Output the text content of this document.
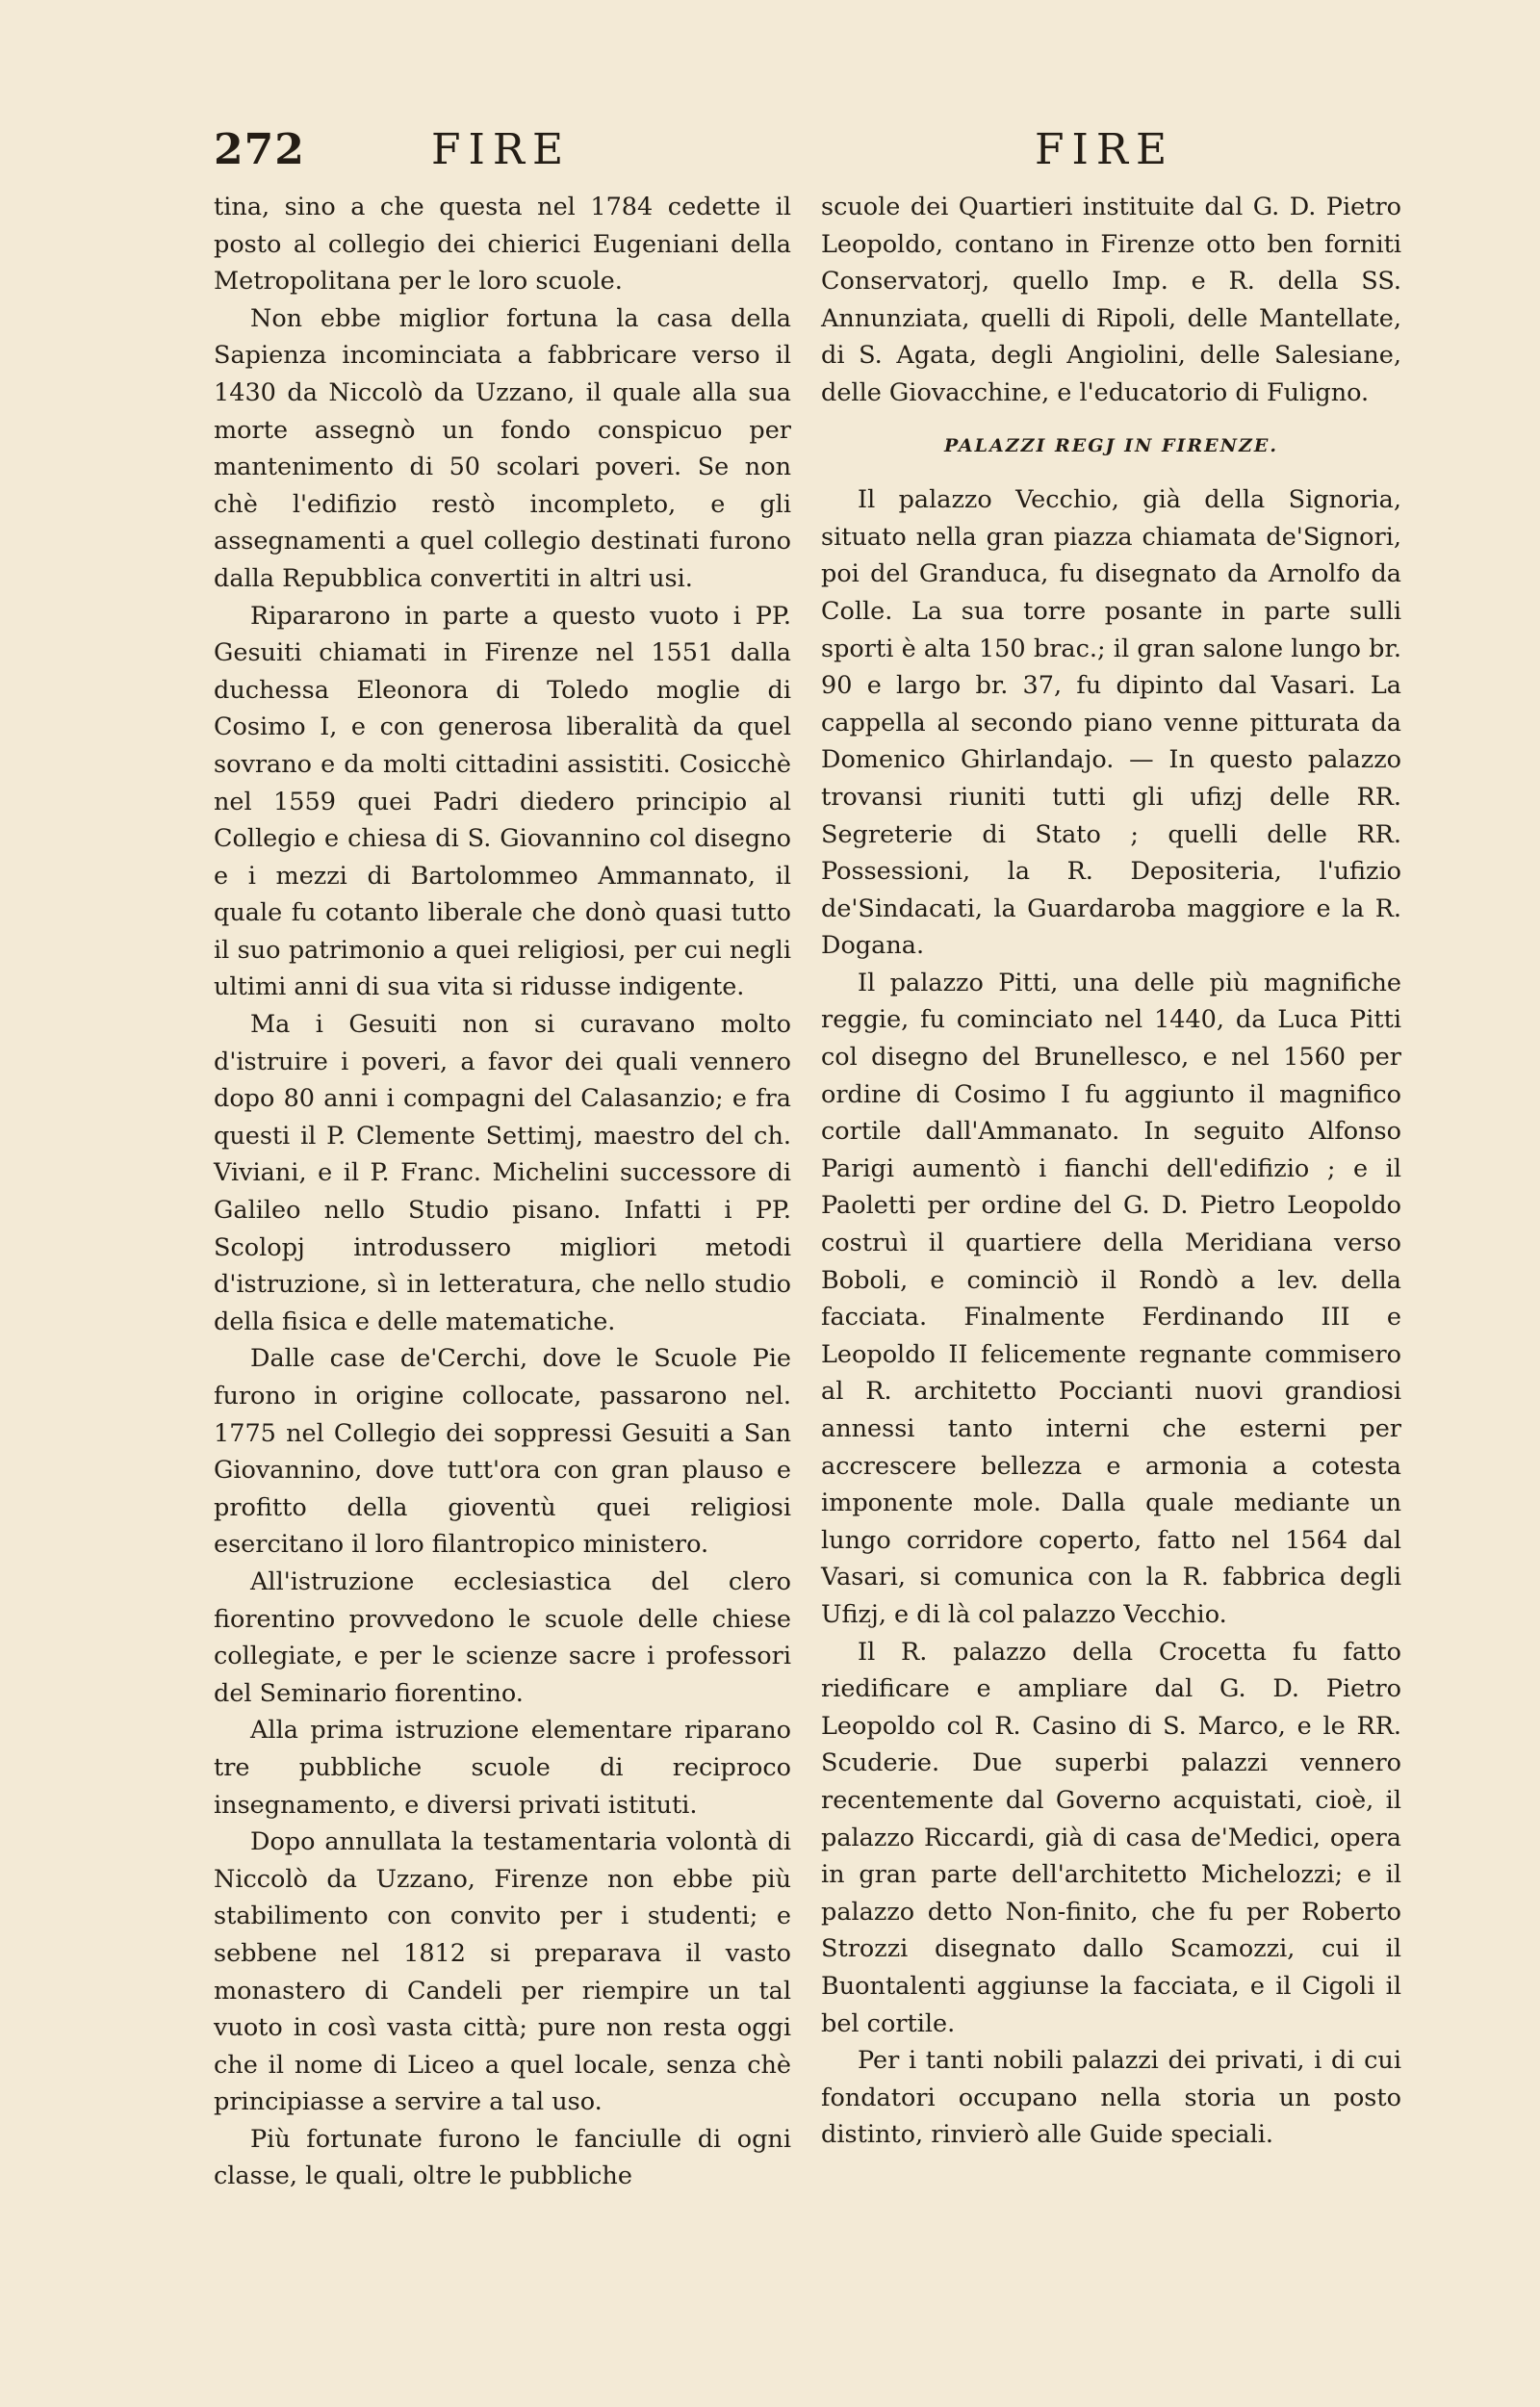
272	FIRE	FIRE

tina, sino a che questa nel 1784 cedette il posto al collegio dei chierici Eugeniani della Metropolitana per le loro scuole.

Non ebbe miglior fortuna la casa della Sapienza incominciata a fabbricare verso il 1430 da Niccolò da Uzzano, il quale alla sua morte assegnò un fondo conspicuo per mantenimento di 50 scolari poveri. Se non chè l'edifizio restò incompleto, e gli assegnamenti a quel collegio destinati furono dalla Repubblica convertiti in altri usi.

Ripararono in parte a questo vuoto i PP. Gesuiti chiamati in Firenze nel 1551 dalla duchessa Eleonora di Toledo moglie di Cosimo I, e con generosa liberalità da quel sovrano e da molti cittadini assistiti. Cosicchè nel 1559 quei Padri diedero principio al Collegio e chiesa di S. Giovannino col disegno e i mezzi di Bartolommeo Ammannato, il quale fu cotanto liberale che donò quasi tutto il suo patrimonio a quei religiosi, per cui negli ultimi anni di sua vita si ridusse indigente.

Ma i Gesuiti non si curavano molto d'istruire i poveri, a favor dei quali vennero dopo 80 anni i compagni del Calasanzio; e fra questi il P. Clemente Settimj, maestro del ch. Viviani, e il P. Franc. Michelini successore di Galileo nello Studio pisano. Infatti i PP. Scolopj introdussero migliori metodi d'istruzione, sì in letteratura, che nello studio della fisica e delle matematiche.

Dalle case de'Cerchi, dove le Scuole Pie furono in origine collocate, passarono nel. 1775 nel Collegio dei soppressi Gesuiti a San Giovannino, dove tutt'ora con gran plauso e profitto della gioventù quei religiosi esercitano il loro filantropico ministero.

All'istruzione ecclesiastica del clero fiorentino provvedono le scuole delle chiese collegiate, e per le scienze sacre i professori del Seminario fiorentino.

Alla prima istruzione elementare riparano tre pubbliche scuole di reciproco insegnamento, e diversi privati istituti.

Dopo annullata la testamentaria volontà di Niccolò da Uzzano, Firenze non ebbe più stabilimento con convito per i studenti; e sebbene nel 1812 si preparava il vasto monastero di Candeli per riempire un tal vuoto in così vasta città; pure non resta oggi che il nome di Liceo a quel locale, senza chè principiasse a servire a tal uso.

Più fortunate furono le fanciulle di ogni classe, le quali, oltre le pubbliche

scuole dei Quartieri instituite dal G. D. Pietro Leopoldo, contano in Firenze otto ben forniti Conservatorj, quello Imp. e R. della SS. Annunziata, quelli di Ripoli, delle Mantellate, di S. Agata, degli Angiolini, delle Salesiane, delle Giovacchine, e l'educatorio di Fuligno.

PALAZZI REGJ IN FIRENZE.

Il palazzo Vecchio, già della Signoria, situato nella gran piazza chiamata de'Signori, poi del Granduca, fu disegnato da Arnolfo da Colle. La sua torre posante in parte sulli sporti è alta 150 brac.; il gran salone lungo br. 90 e largo br. 37, fu dipinto dal Vasari. La cappella al secondo piano venne pitturata da Domenico Ghirlandajo. — In questo palazzo trovansi riuniti tutti gli ufizj delle RR. Segreterie di Stato ; quelli delle RR. Possessioni, la R. Depositeria, l'ufizio de'Sindacati, la Guardaroba maggiore e la R. Dogana.

Il palazzo Pitti, una delle più magnifiche reggie, fu cominciato nel 1440, da Luca Pitti col disegno del Brunellesco, e nel 1560 per ordine di Cosimo I fu aggiunto il magnifico cortile dall'Ammanato. In seguito Alfonso Parigi aumentò i fianchi dell'edifizio ; e il Paoletti per ordine del G. D. Pietro Leopoldo costruì il quartiere della Meridiana verso Boboli, e cominciò il Rondò a lev. della facciata. Finalmente Ferdinando III e Leopoldo II felicemente regnante commisero al R. architetto Poccianti nuovi grandiosi annessi tanto interni che esterni per accrescere bellezza e armonia a cotesta imponente mole. Dalla quale mediante un lungo corridore coperto, fatto nel 1564 dal Vasari, si comunica con la R. fabbrica degli Ufizj, e di là col palazzo Vecchio.

Il R. palazzo della Crocetta fu fatto riedificare e ampliare dal G. D. Pietro Leopoldo col R. Casino di S. Marco, e le RR. Scuderie. Due superbi palazzi vennero recentemente dal Governo acquistati, cioè, il palazzo Riccardi, già di casa de'Medici, opera in gran parte dell'architetto Michelozzi; e il palazzo detto Non-finito, che fu per Roberto Strozzi disegnato dallo Scamozzi, cui il Buontalenti aggiunse la facciata, e il Cigoli il bel cortile.

Per i tanti nobili palazzi dei privati, i di cui fondatori occupano nella storia un posto distinto, rinvierò alle Guide speciali.
